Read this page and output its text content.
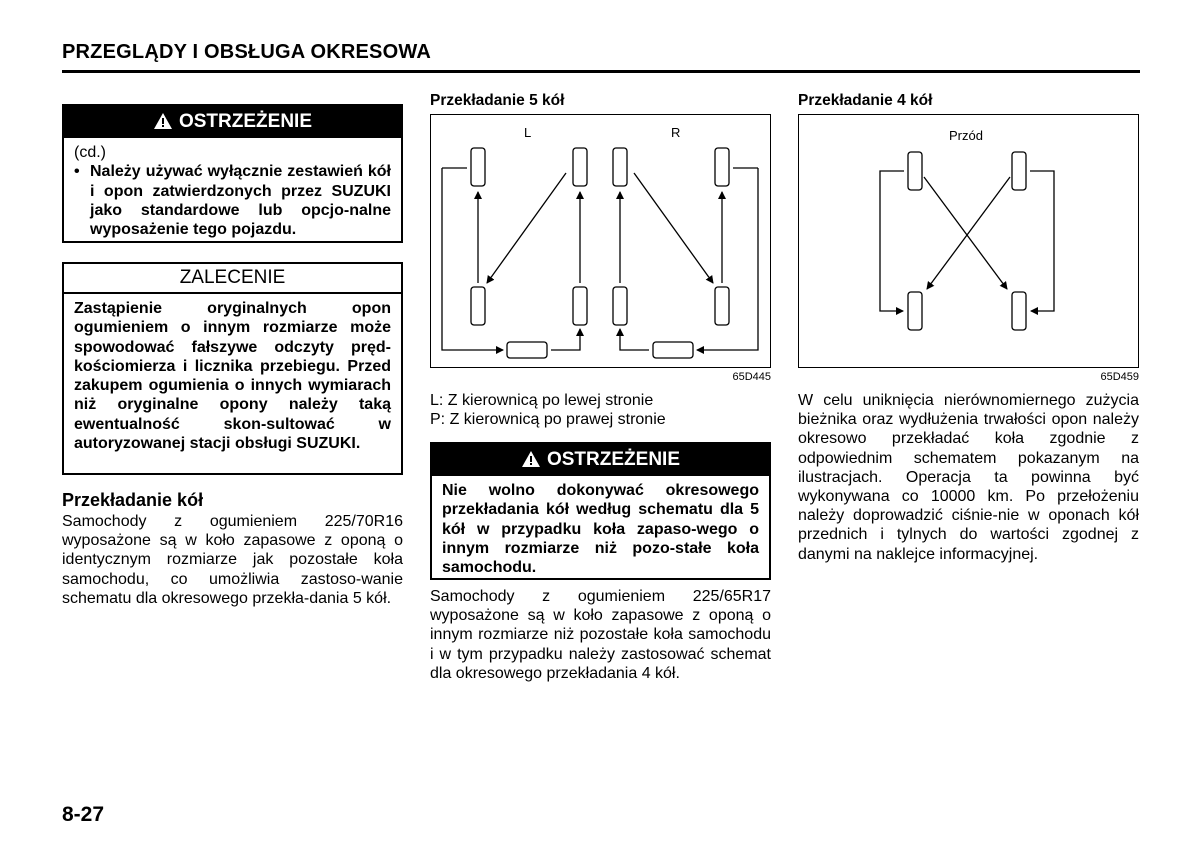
PRZEGLĄDY I OBSŁUGA OKRESOWA
OSTRZEŻENIE
(cd.)
• Należy używać wyłącznie zestawień kół i opon zatwierdzonych przez SUZUKI jako standardowe lub opcjo-nalne wyposażenie tego pojazdu.
ZALECENIE
Zastąpienie oryginalnych opon ogumieniem o innym rozmiarze może spowodować fałszywe odczyty pręd-kościomierza i licznika przebiegu. Przed zakupem ogumienia o innych wymiarach niż oryginalne opony należy taką ewentualność skon-sultować w autoryzowanej stacji obsługi SUZUKI.
Przekładanie kół
Samochody z ogumieniem 225/70R16 wyposażone są w koło zapasowe z oponą o identycznym rozmiarze jak pozostałe koła samochodu, co umożliwia zastoso-wanie schematu dla okresowego przekła-dania 5 kół.
Przekładanie 5 kół
L	R
65D445
L: Z kierownicą po lewej stronie
P: Z kierownicą po prawej stronie
OSTRZEŻENIE
Nie wolno dokonywać okresowego przekładania kół według schematu dla 5 kół w przypadku koła zapaso-wego o innym rozmiarze niż pozo-stałe koła samochodu.
Samochody z ogumieniem 225/65R17 wyposażone są w koło zapasowe z oponą o innym rozmiarze niż pozostałe koła samochodu i w tym przypadku należy zastosować schemat dla okresowego przekładania 4 kół.
Przekładanie 4 kół
Przód
65D459
W celu uniknięcia nierównomiernego zużycia bieżnika oraz wydłużenia trwałości opon należy okresowo przekładać koła zgodnie z odpowiednim schematem pokazanym na ilustracjach. Operacja ta powinna być wykonywana co 10000 km. Po przełożeniu należy doprowadzić ciśnie-nie w oponach kół przednich i tylnych do wartości zgodnej z danymi na naklejce informacyjnej.
8-27
